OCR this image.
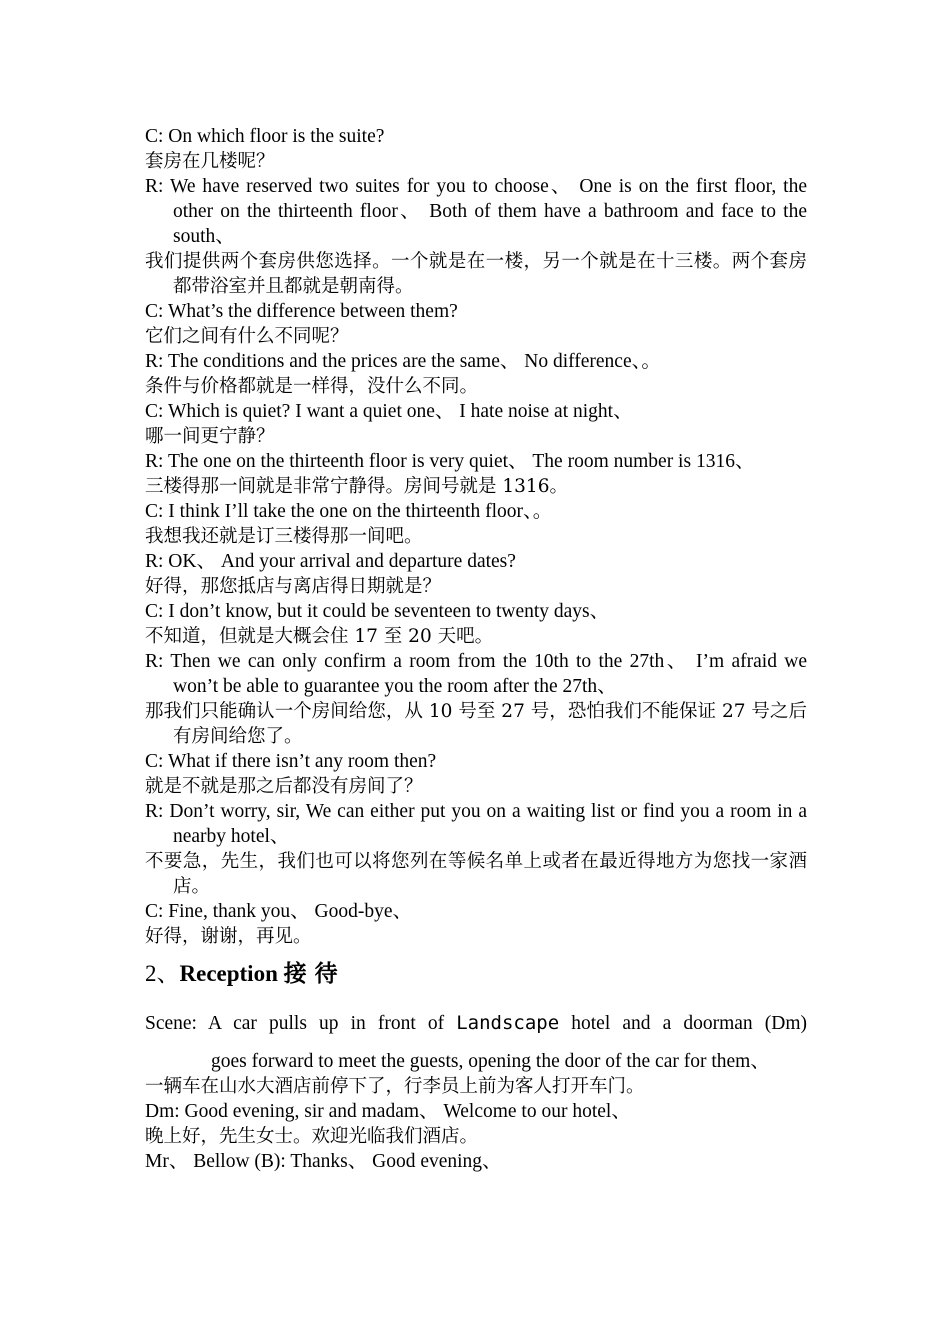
C: On which floor is the suite?
套房在几楼呢？
R: We have reserved two suites for you to choose、 One is on the first floor, the other on the thirteenth floor、 Both of them have a bathroom and face to the south、
我们提供两个套房供您选择。一个就是在一楼，另一个就是在十三楼。两个套房都带浴室并且都就是朝南得。
C: What’s the difference between them?
它们之间有什么不同呢？
R: The conditions and the prices are the same、 No difference、。
条件与价格都就是一样得，没什么不同。
C: Which is quiet? I want a quiet one、 I hate noise at night、
哪一间更宁静？
R: The one on the thirteenth floor is very quiet、 The room number is 1316、
三楼得那一间就是非常宁静得。房间号就是 1316。
C: I think I’ll take the one on the thirteenth floor、。
我想我还就是订三楼得那一间吧。
R: OK、 And your arrival and departure dates?
好得，那您抵店与离店得日期就是？
C: I don’t know, but it could be seventeen to twenty days、
不知道，但就是大概会住 17 至 20 天吧。
R: Then we can only confirm a room from the 10th to the 27th、 I’m afraid we won’t be able to guarantee you the room after the 27th、
那我们只能确认一个房间给您，从 10 号至 27 号，恐怕我们不能保证 27 号之后有房间给您了。
C: What if there isn’t any room then?
就是不就是那之后都没有房间了？
R: Don’t worry, sir, We can either put you on a waiting list or find you a room in a nearby hotel、
不要急，先生，我们也可以将您列在等候名单上或者在最近得地方为您找一家酒店。
C: Fine, thank you、 Good-bye、
好得，谢谢，再见。
2、Reception 接待
Scene: A car pulls up in front of Landscape hotel and a doorman (Dm)
goes forward to meet the guests, opening the door of the car for them、
一辆车在山水大酒店前停下了，行李员上前为客人打开车门。
Dm: Good evening, sir and madam、 Welcome to our hotel、
晚上好，先生女士。欢迎光临我们酒店。
Mr、 Bellow (B): Thanks、 Good evening、
